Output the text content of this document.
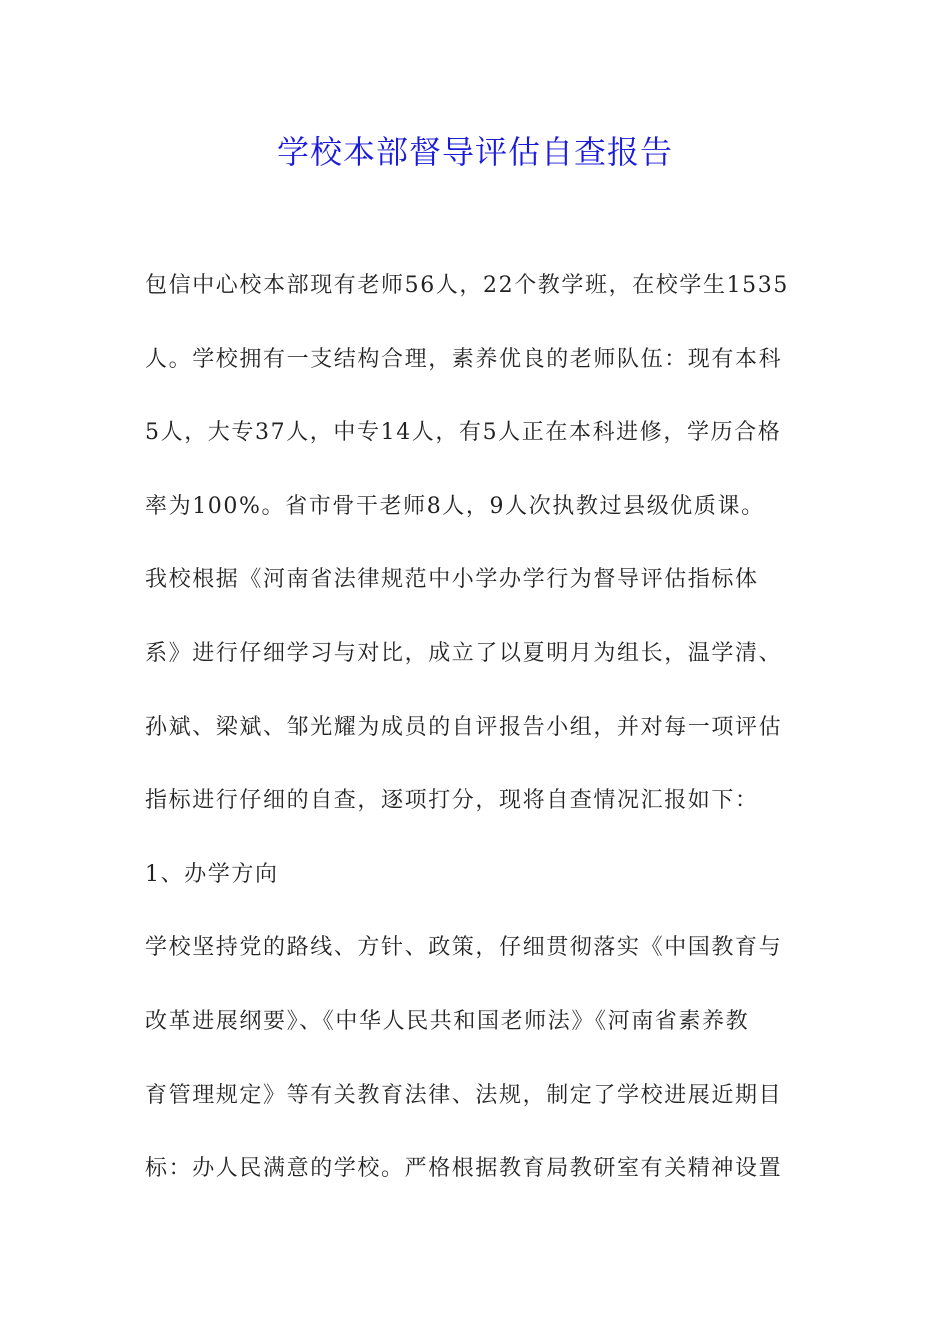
学校本部督导评估自查报告
包信中心校本部现有老师56人，22个教学班，在校学生1535
人。学校拥有一支结构合理，素养优良的老师队伍：现有本科
5人，大专37人，中专14人，有5人正在本科进修，学历合格
率为100%。省市骨干老师8人，9人次执教过县级优质课。
我校根据《河南省法律规范中小学办学行为督导评估指标体
系》进行仔细学习与对比，成立了以夏明月为组长，温学清、
孙斌、梁斌、邹光耀为成员的自评报告小组，并对每一项评估
指标进行仔细的自查，逐项打分，现将自查情况汇报如下：
1、办学方向
学校坚持党的路线、方针、政策，仔细贯彻落实《中国教育与
改革进展纲要》、《中华人民共和国老师法》《河南省素养教
育管理规定》等有关教育法律、法规，制定了学校进展近期目
标：办人民满意的学校。严格根据教育局教研室有关精神设置
